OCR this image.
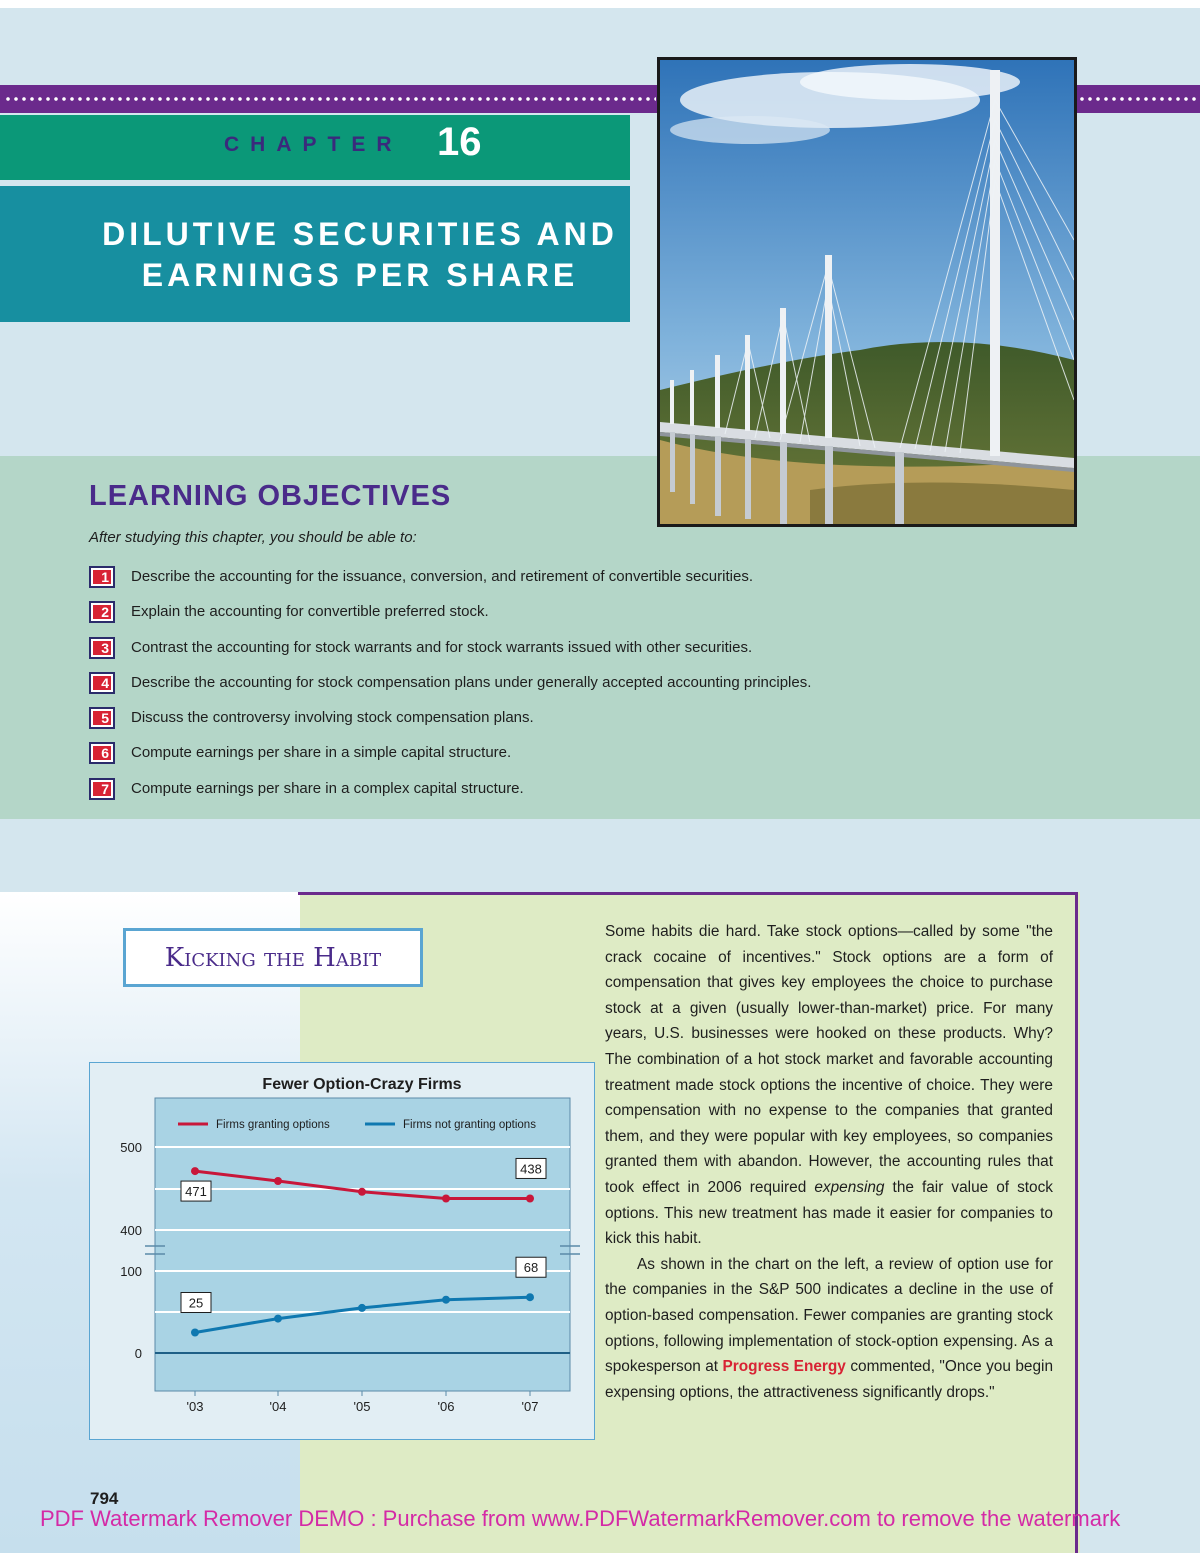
CHAPTER 16
DILUTIVE SECURITIES AND
EARNINGS PER SHARE
LEARNING OBJECTIVES
After studying this chapter, you should be able to:
1 Describe the accounting for the issuance, conversion, and retirement of convertible securities.
2 Explain the accounting for convertible preferred stock.
3 Contrast the accounting for stock warrants and for stock warrants issued with other securities.
4 Describe the accounting for stock compensation plans under generally accepted accounting principles.
5 Discuss the controversy involving stock compensation plans.
6 Compute earnings per share in a simple capital structure.
7 Compute earnings per share in a complex capital structure.
Kicking the Habit

Some habits die hard. Take stock options—called by some "the crack cocaine of incentives." Stock options are a form of compensation that gives key employees the choice to purchase stock at a given (usually lower-than-market) price. For many years, U.S. businesses were hooked on these products. Why? The combination of a hot stock market and favorable accounting treatment made stock options the incentive of choice. They were compensation with no expense to the companies that granted them, and they were popular with key employees, so companies granted them with abandon. However, the accounting rules that took effect in 2006 required expensing the fair value of stock options. This new treatment has made it easier for companies to kick this habit.

As shown in the chart on the left, a review of option use for the companies in the S&P 500 indicates a decline in the use of option-based compensation. Fewer companies are granting stock options, following implementation of stock-option expensing. As a spokesperson at Progress Energy commented, "Once you begin expensing options, the attractiveness significantly drops."

Fewer Option-Crazy Firms
500
400
100
0
'03	'04	'05	'06	'07
Firms granting options	Firms not granting options
471
438
25
68
794
PDF Watermark Remover DEMO : Purchase from www.PDFWatermarkRemover.com to remove the watermark
